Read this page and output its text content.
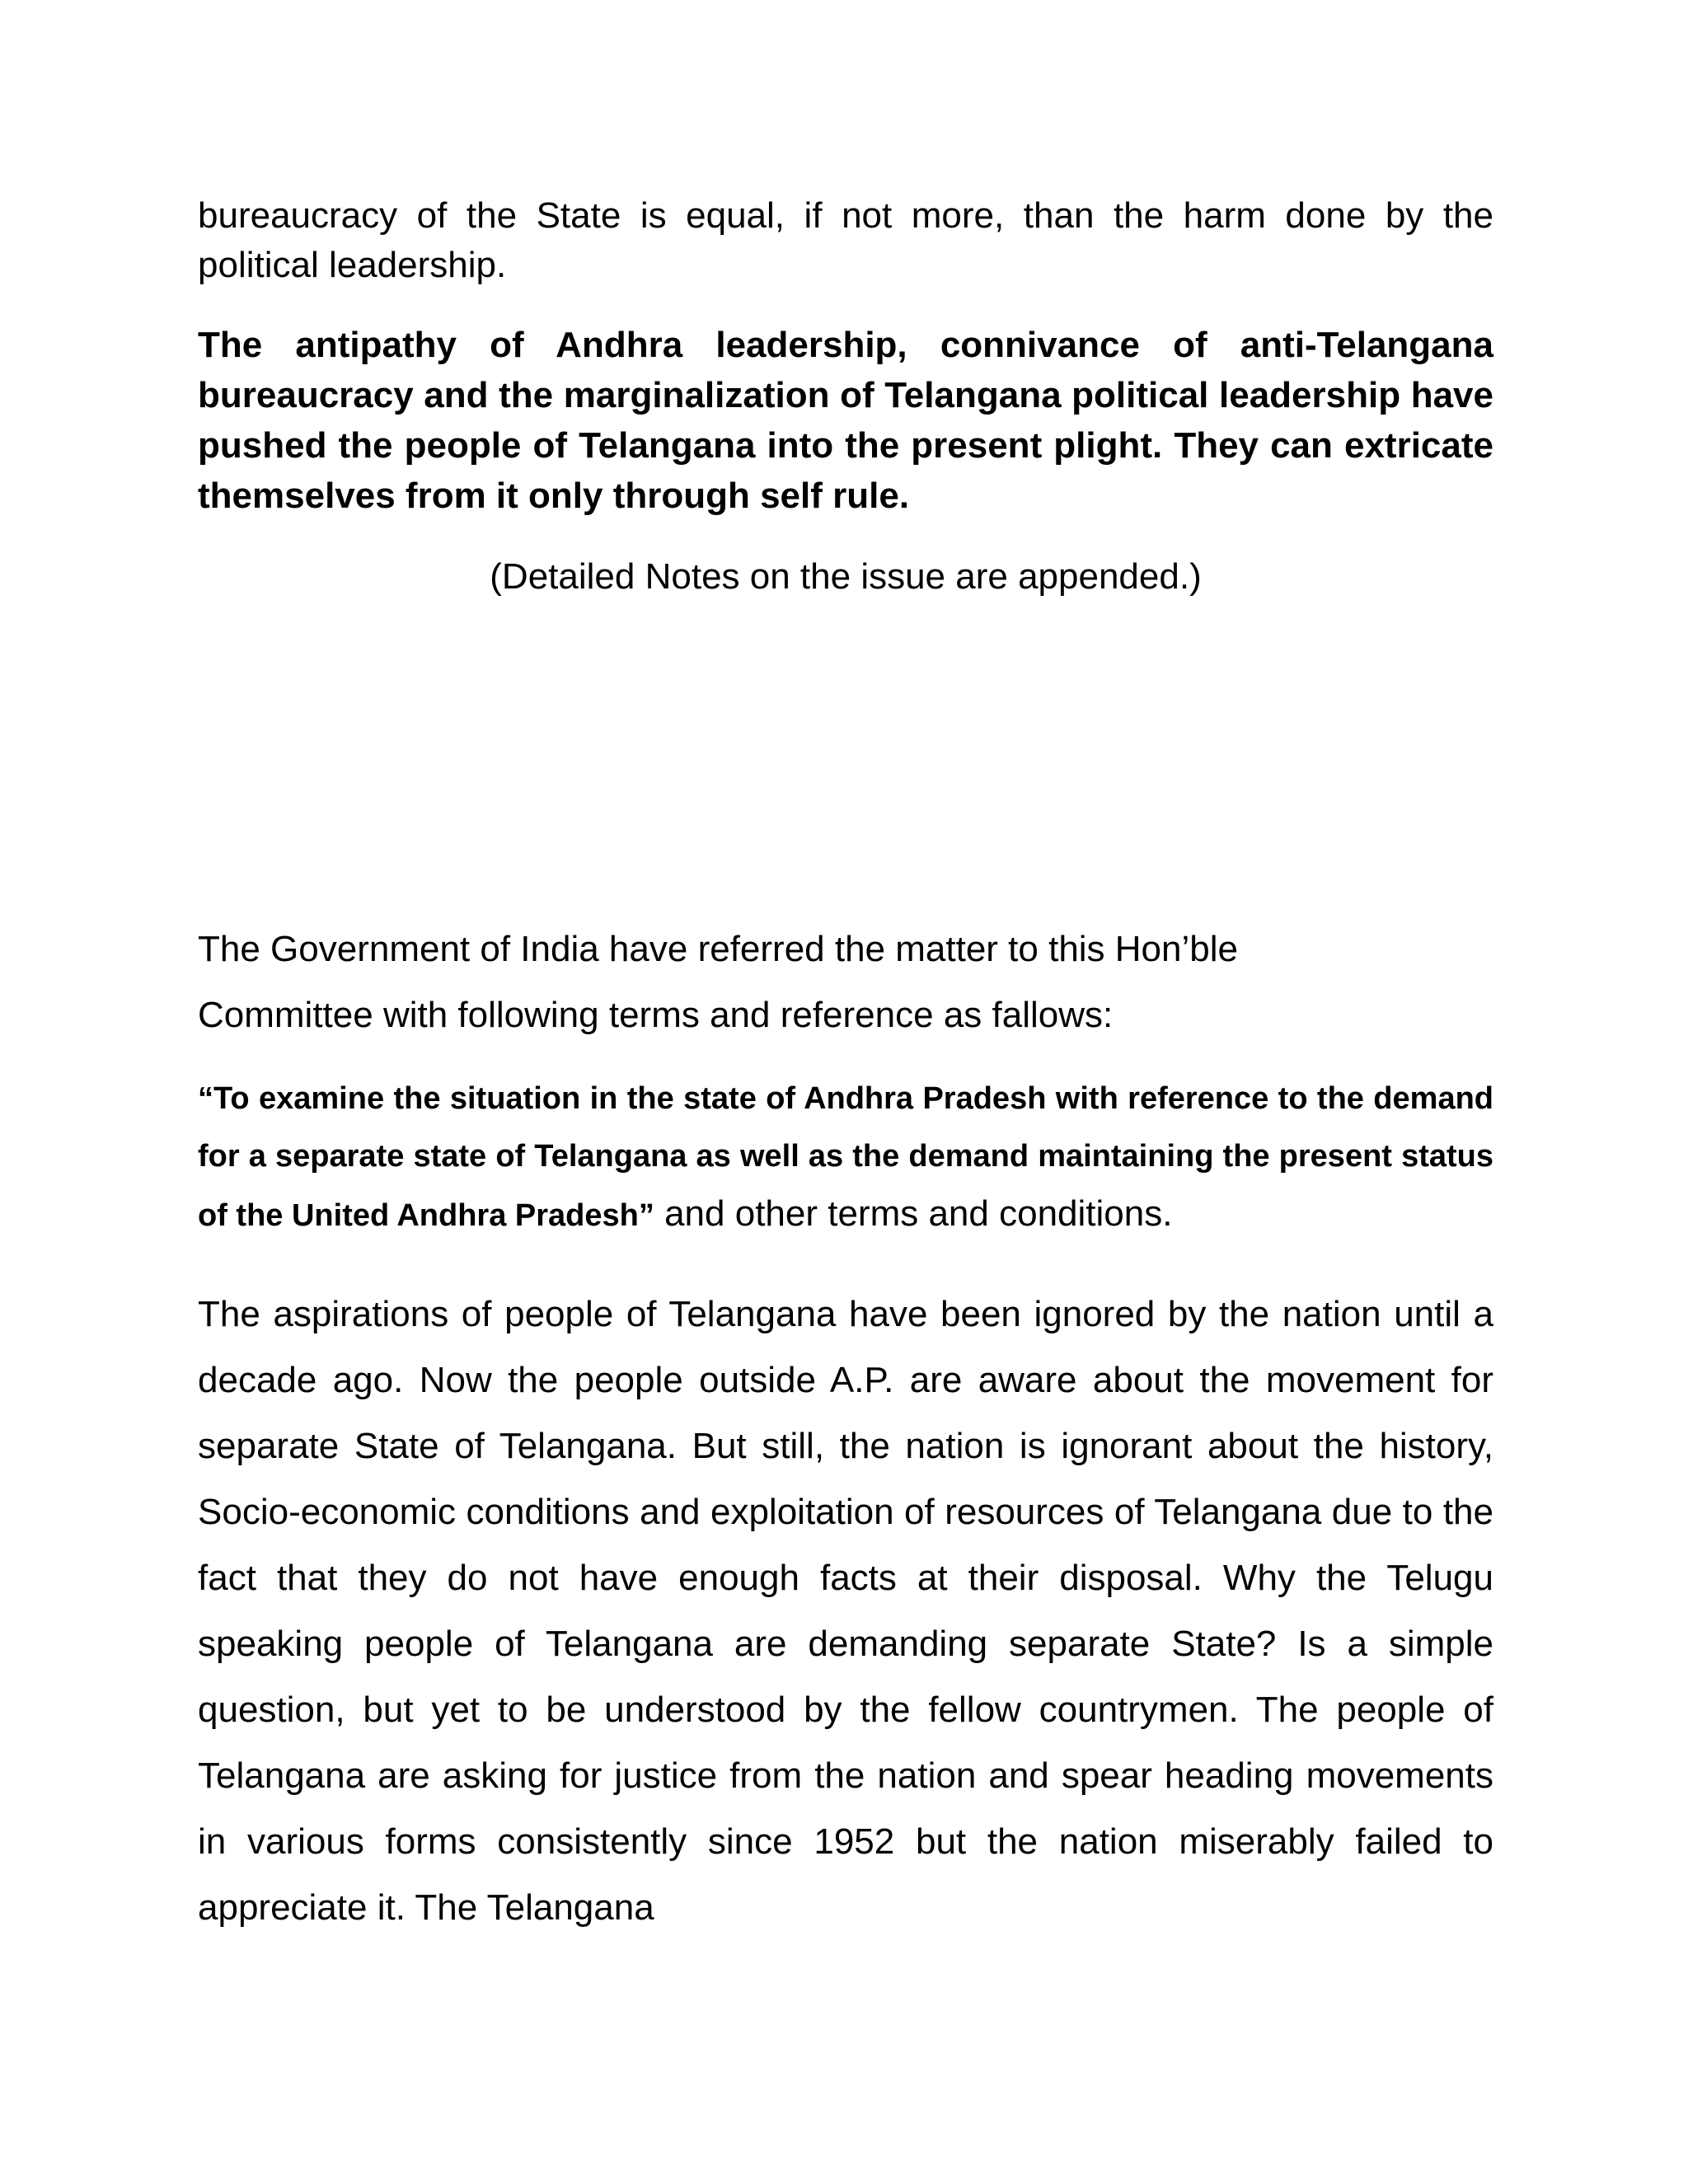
bureaucracy of the State is equal, if not more, than the harm done by the political leadership.

The antipathy of Andhra leadership, connivance of anti-Telangana bureaucracy and the marginalization of Telangana political leadership have pushed the people of Telangana into the present plight. They can extricate themselves from it only through self rule.

(Detailed Notes on the issue are appended.)

The Government of India have referred the matter to this Hon’ble
Committee with following terms and reference as fallows:

“To examine the situation in the state of Andhra Pradesh with reference to the demand for a separate state of Telangana as well as the demand maintaining the present status of the United Andhra Pradesh” and other terms and conditions.

The aspirations of people of Telangana have been ignored by the nation until a decade ago. Now the people outside A.P. are aware about the movement for separate State of Telangana. But still, the nation is ignorant about the history, Socio-economic conditions and exploitation of resources of Telangana due to the fact that they do not have enough facts at their disposal. Why the Telugu speaking people of Telangana are demanding separate State? Is a simple question, but yet to be understood by the fellow countrymen. The people of Telangana are asking for justice from the nation and spear heading movements in various forms consistently since 1952 but the nation miserably failed to appreciate it. The Telangana
